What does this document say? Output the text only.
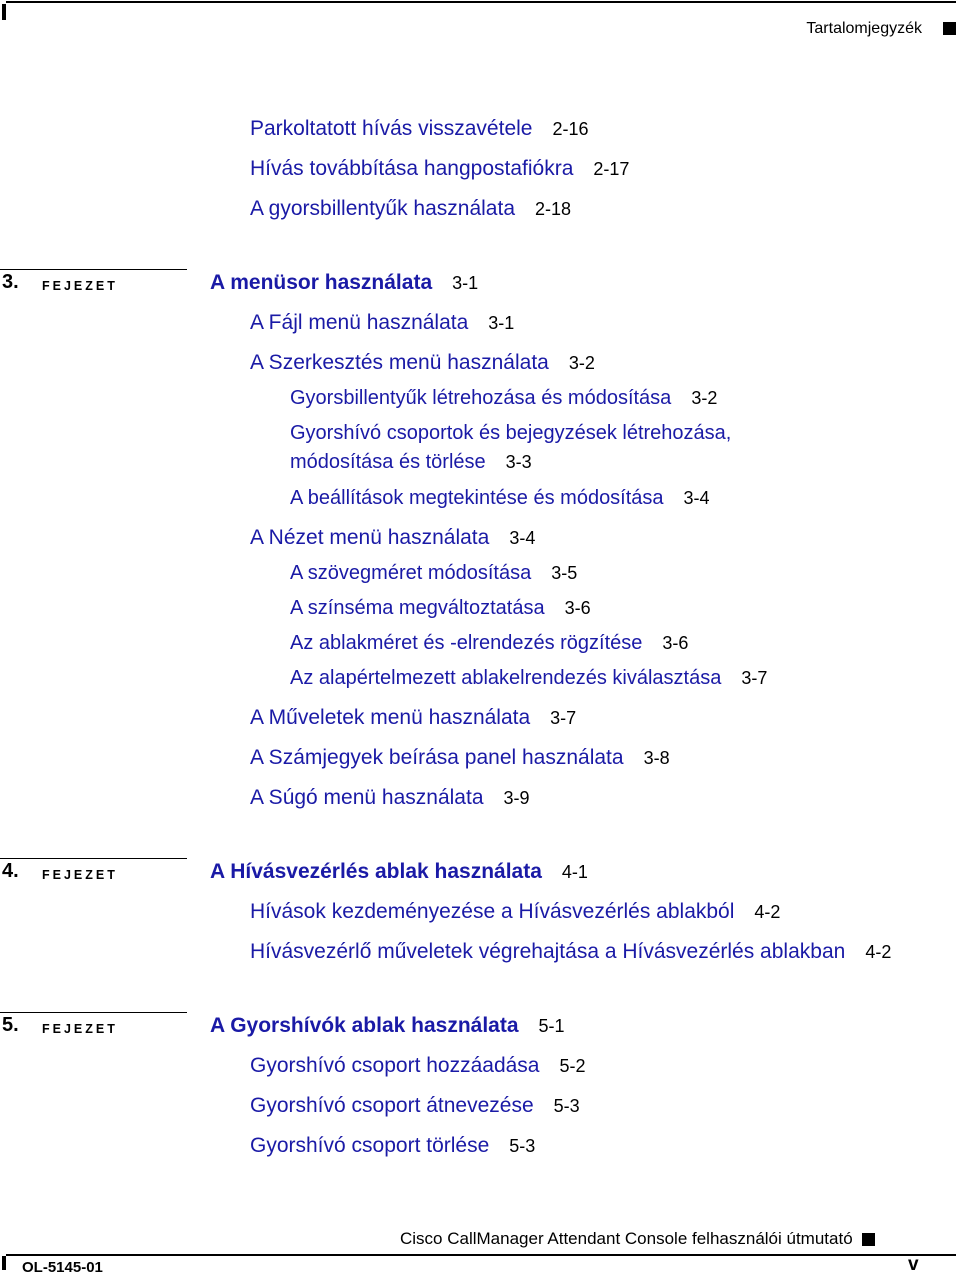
Tartalomjegyzék
Parkoltatott hívás visszavétele 2-16
Hívás továbbítása hangpostafiókra 2-17
A gyorsbillentyűk használata 2-18
3. FEJEZET	A menüsor használata 3-1
A Fájl menü használata 3-1
A Szerkesztés menü használata 3-2
Gyorsbillentyűk létrehozása és módosítása 3-2
Gyorshívó csoportok és bejegyzések létrehozása,
módosítása és törlése 3-3
A beállítások megtekintése és módosítása 3-4
A Nézet menü használata 3-4
A szövegméret módosítása 3-5
A színséma megváltoztatása 3-6
Az ablakméret és -elrendezés rögzítése 3-6
Az alapértelmezett ablakelrendezés kiválasztása 3-7
A Műveletek menü használata 3-7
A Számjegyek beírása panel használata 3-8
A Súgó menü használata 3-9
4. FEJEZET	A Hívásvezérlés ablak használata 4-1
Hívások kezdeményezése a Hívásvezérlés ablakból 4-2
Hívásvezérlő műveletek végrehajtása a Hívásvezérlés ablakban 4-2
5. FEJEZET	A Gyorshívók ablak használata 5-1
Gyorshívó csoport hozzáadása 5-2
Gyorshívó csoport átnevezése 5-3
Gyorshívó csoport törlése 5-3
Cisco CallManager Attendant Console felhasználói útmutató
OL-5145-01	v
